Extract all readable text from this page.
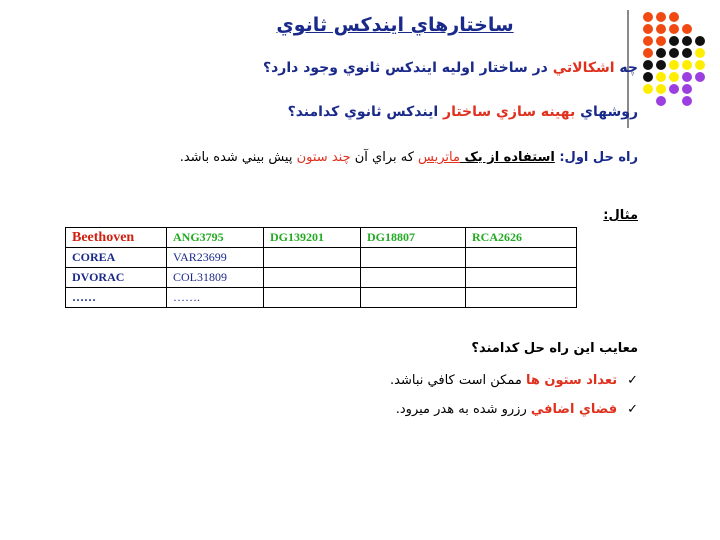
ساختارهاي ايندکس ثانوي
چه اشکالاتي در ساختار اوليه ايندکس ثانوي وجود دارد؟
روشهاي بهينه سازي ساختار ايندکس ثانوي کدامند؟
راه حل اول: استفاده از یک ماتريس که براي آن چند ستون پيش بيني شده باشد.
مثال:
Beethoven	ANG3795	DG139201	DG18807	RCA2626
COREA	VAR23699			
DVORAC	COL31809			
……	…….			
معايب اين راه حل کدامند؟
✓تعداد ستون ها ممکن است کافي نباشد.
✓فضاي اضافي رزرو شده به هدر ميرود.
